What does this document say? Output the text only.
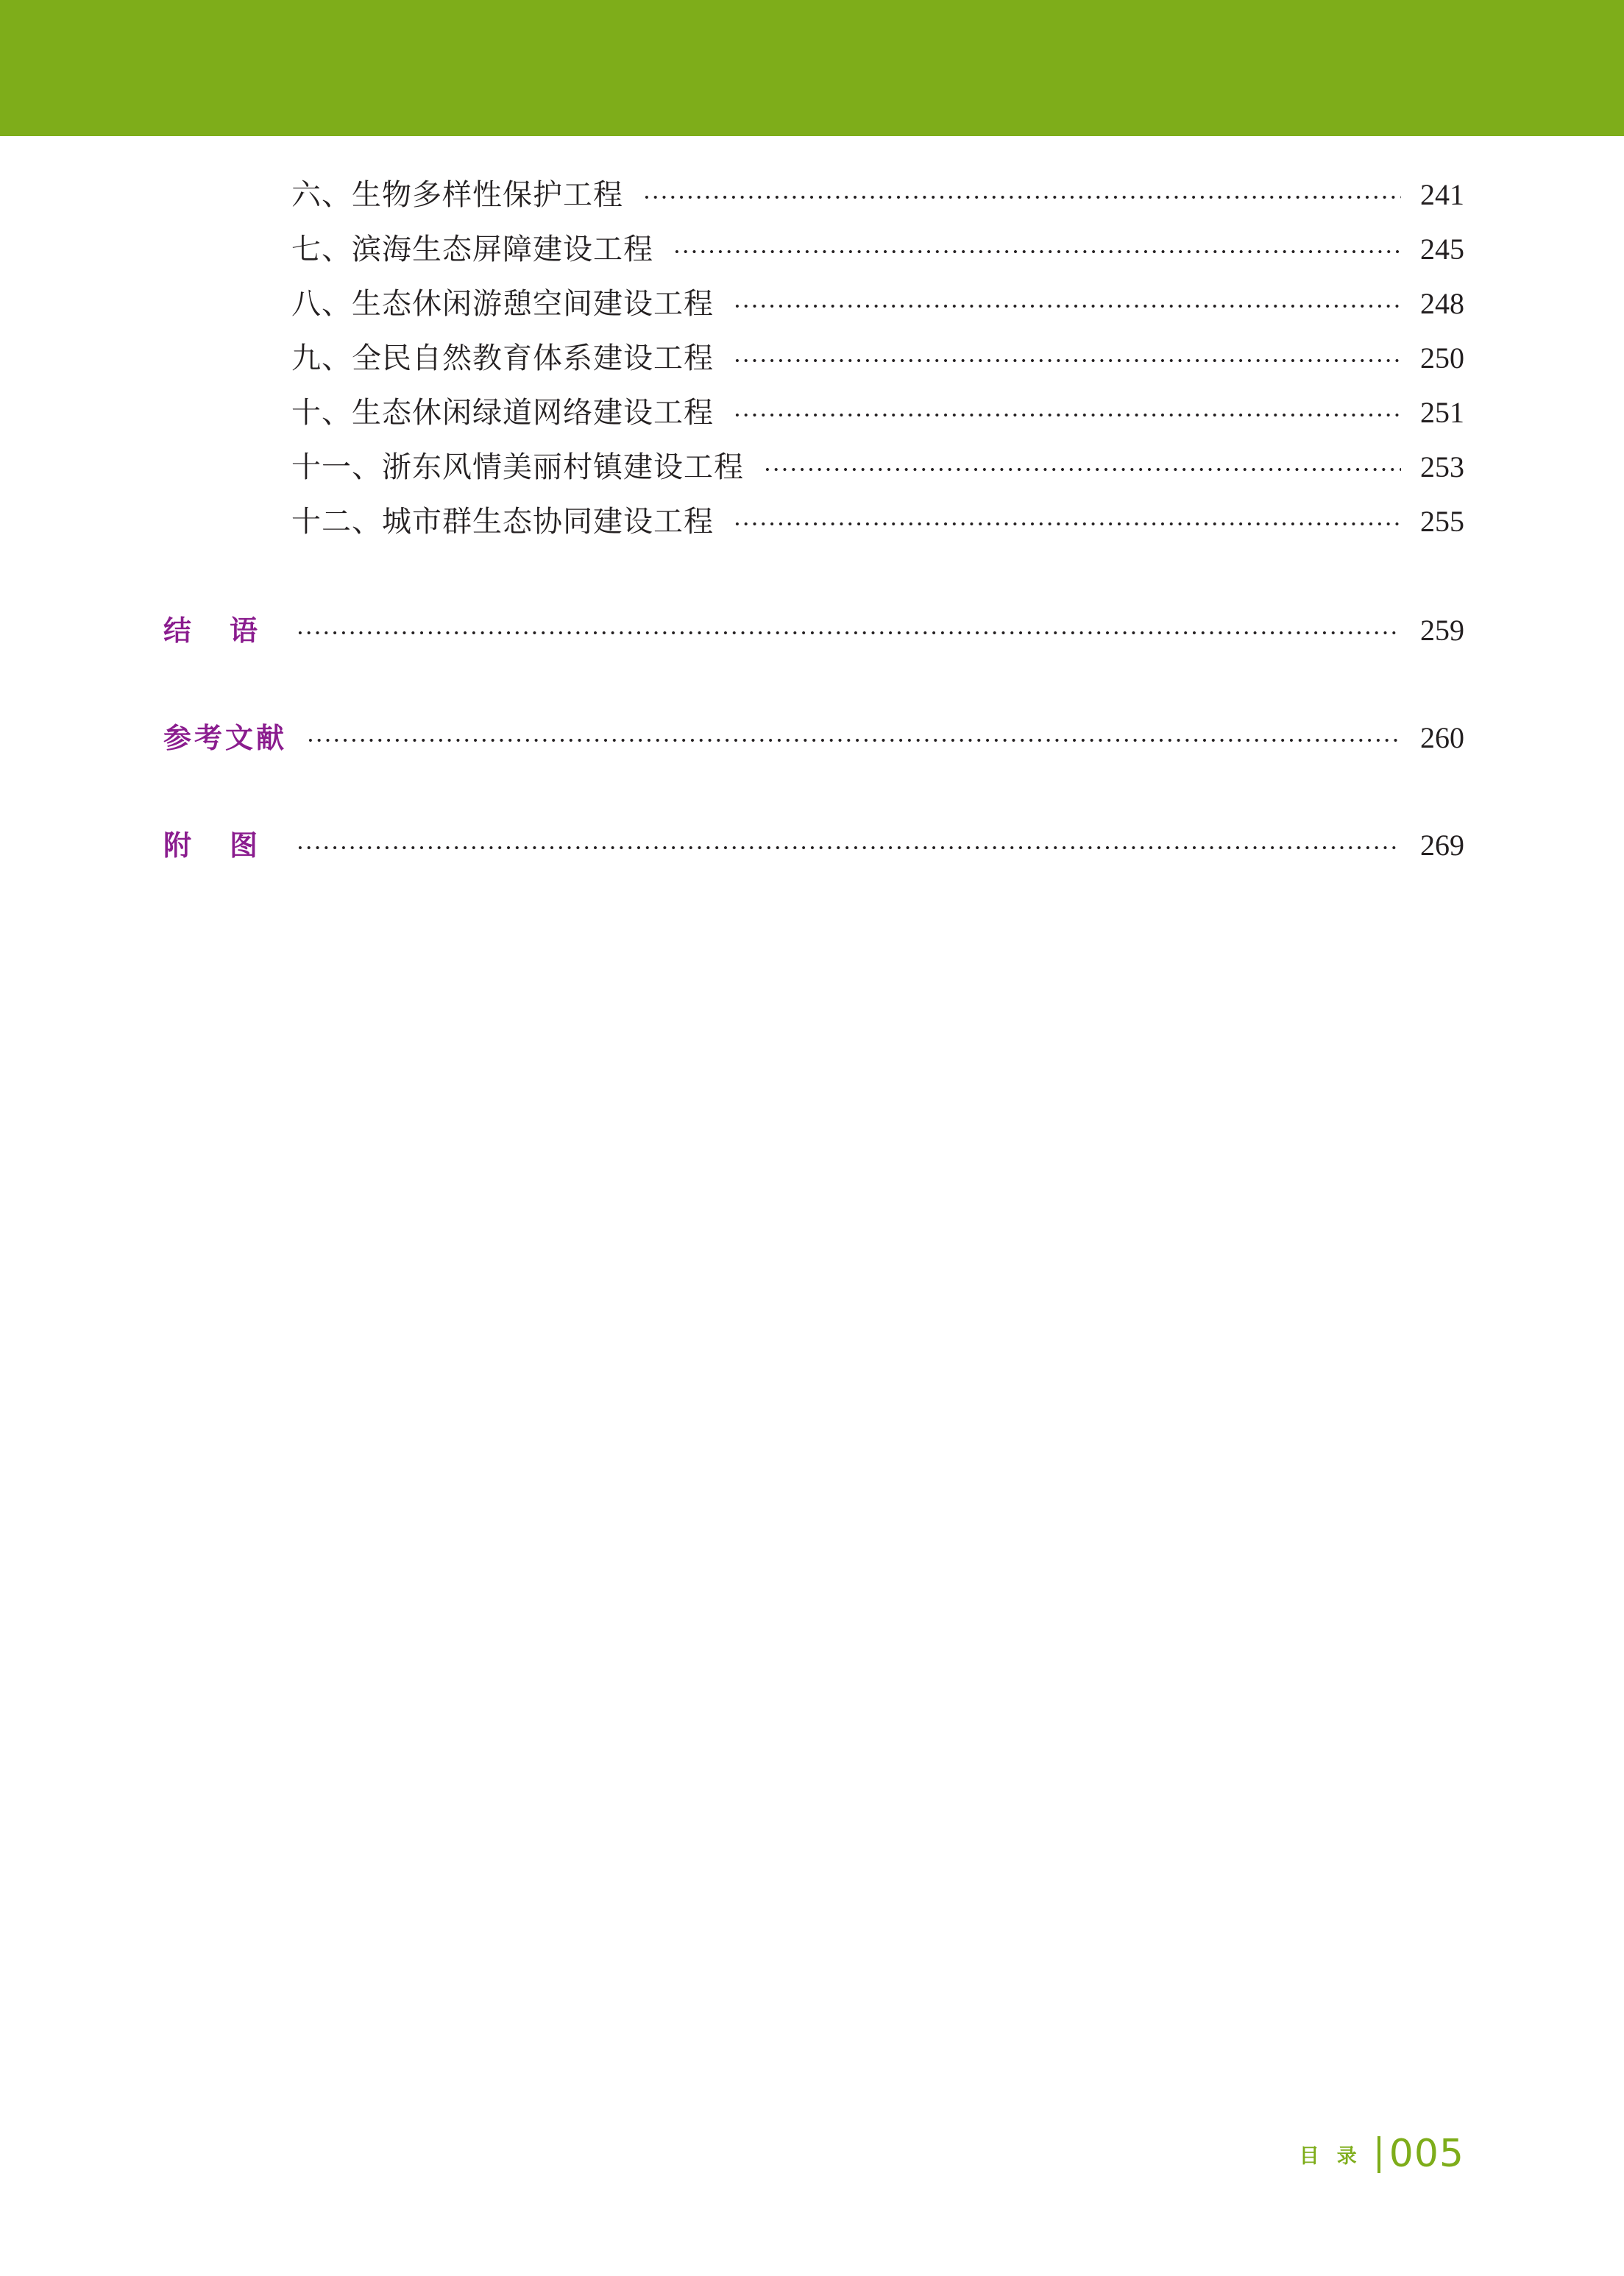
六、生物多样性保护工程	241
七、滨海生态屏障建设工程	245
八、生态休闲游憩空间建设工程	248
九、全民自然教育体系建设工程	250
十、生态休闲绿道网络建设工程	251
十一、浙东风情美丽村镇建设工程	253
十二、城市群生态协同建设工程	255
结语	259
参考文献	260
附图	269
目录 005
